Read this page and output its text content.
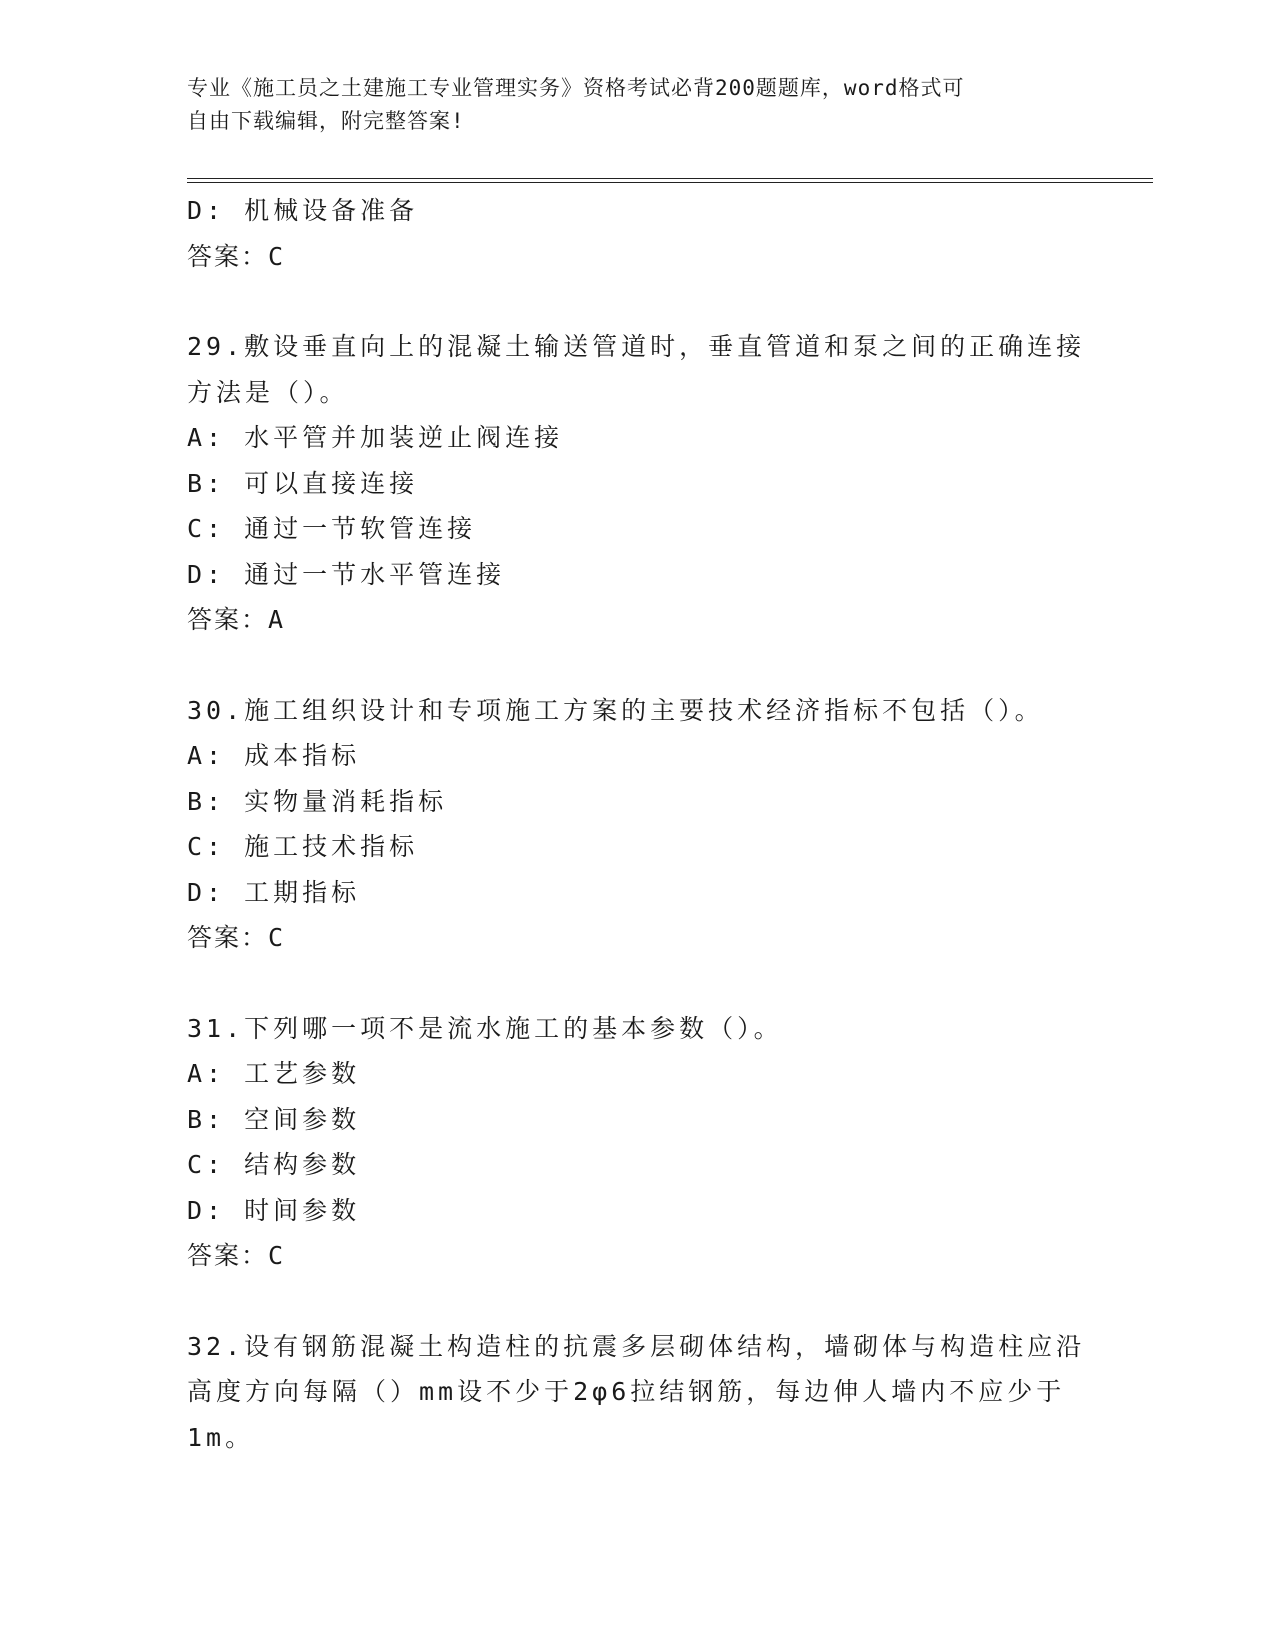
专业《施工员之土建施工专业管理实务》资格考试必背200题题库，word格式可
自由下载编辑，附完整答案!
D: 机械设备准备
答案：C
29.敷设垂直向上的混凝土输送管道时，垂直管道和泵之间的正确连接
方法是（）。
A: 水平管并加装逆止阀连接
B: 可以直接连接
C: 通过一节软管连接
D: 通过一节水平管连接
答案：A
30.施工组织设计和专项施工方案的主要技术经济指标不包括（）。
A: 成本指标
B: 实物量消耗指标
C: 施工技术指标
D: 工期指标
答案：C
31.下列哪一项不是流水施工的基本参数（）。
A: 工艺参数
B: 空间参数
C: 结构参数
D: 时间参数
答案：C
32.设有钢筋混凝土构造柱的抗震多层砌体结构，墙砌体与构造柱应沿
高度方向每隔（）mm设不少于2φ6拉结钢筋，每边伸人墙内不应少于
1m。
